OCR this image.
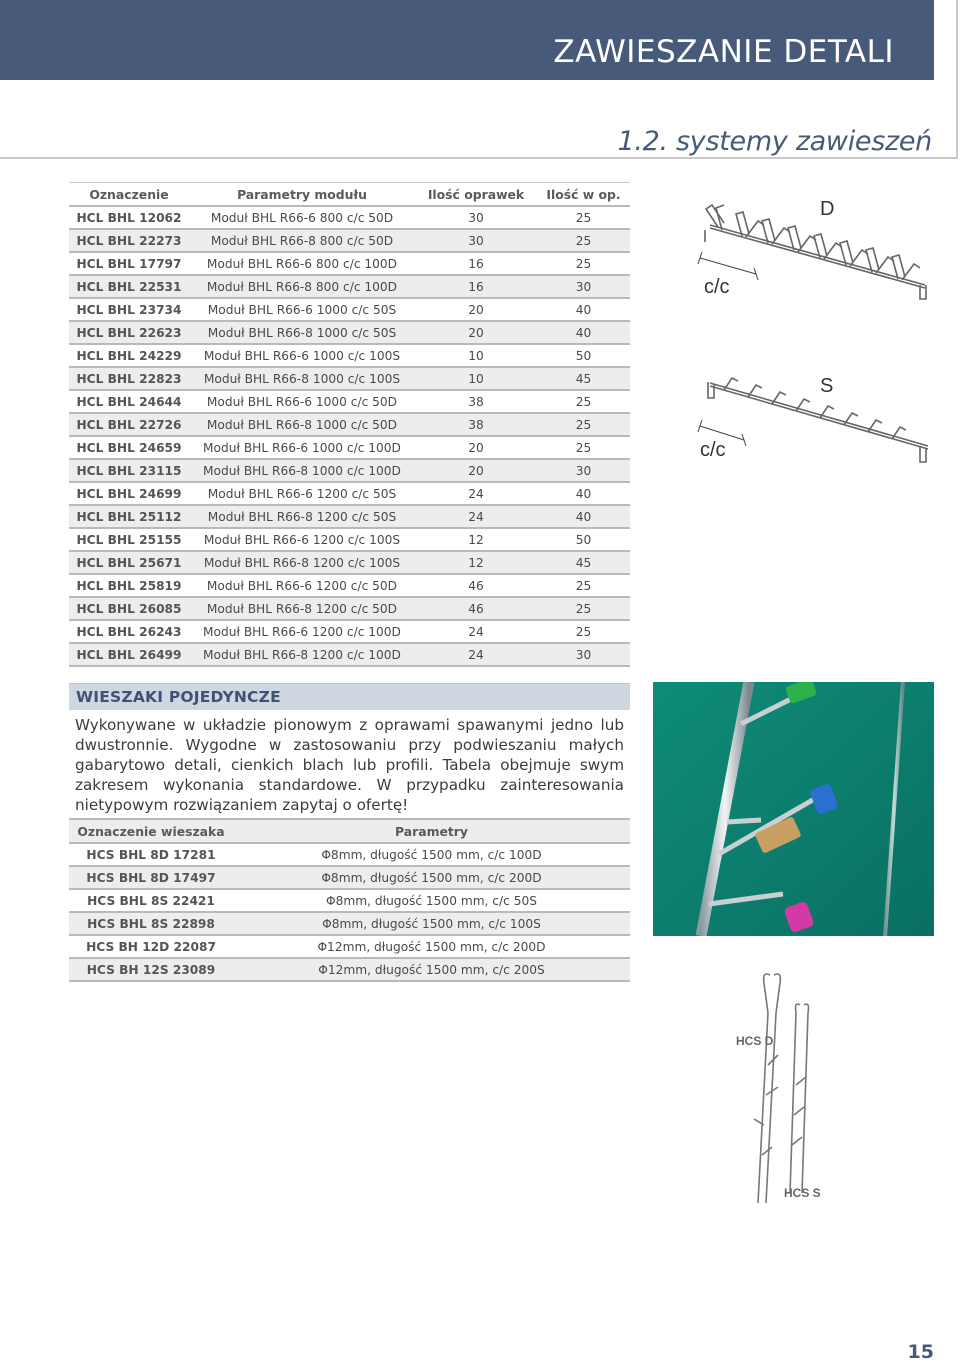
ZAWIESZANIE DETALI
1.2. systemy zawieszeń
Oznaczenie	Parametry modułu	Ilość oprawek	Ilość w op.
HCL BHL 12062	Moduł BHL R66-6 800 c/c 50D	30	25
HCL BHL 22273	Moduł BHL R66-8 800 c/c 50D	30	25
HCL BHL 17797	Moduł BHL R66-6 800 c/c 100D	16	25
HCL BHL 22531	Moduł BHL R66-8 800 c/c 100D	16	30
HCL BHL 23734	Moduł BHL R66-6 1000 c/c 50S	20	40
HCL BHL 22623	Moduł BHL R66-8 1000 c/c 50S	20	40
HCL BHL 24229	Moduł BHL R66-6 1000 c/c 100S	10	50
HCL BHL 22823	Moduł BHL R66-8 1000 c/c 100S	10	45
HCL BHL 24644	Moduł BHL R66-6 1000 c/c 50D	38	25
HCL BHL 22726	Moduł BHL R66-8 1000 c/c 50D	38	25
HCL BHL 24659	Moduł BHL R66-6 1000 c/c 100D	20	25
HCL BHL 23115	Moduł BHL R66-8 1000 c/c 100D	20	30
HCL BHL 24699	Moduł BHL R66-6 1200 c/c 50S	24	40
HCL BHL 25112	Moduł BHL R66-8 1200 c/c 50S	24	40
HCL BHL 25155	Moduł BHL R66-6 1200 c/c 100S	12	50
HCL BHL 25671	Moduł BHL R66-8 1200 c/c 100S	12	45
HCL BHL 25819	Moduł BHL R66-6 1200 c/c 50D	46	25
HCL BHL 26085	Moduł BHL R66-8 1200 c/c 50D	46	25
HCL BHL 26243	Moduł BHL R66-6 1200 c/c 100D	24	25
HCL BHL 26499	Moduł BHL R66-8 1200 c/c 100D	24	30
D
c/c
S
c/c
WIESZAKI POJEDYNCZE
Wykonywane w układzie pionowym z oprawami spawanymi jedno lub dwustronnie. Wygodne w zastosowaniu przy podwieszaniu małych gabarytowo detali, cienkich blach lub profili. Tabela obejmuje swym zakresem wykonania standardowe. W przypadku zainteresowania nietypowym rozwiązaniem zapytaj o ofertę!
Oznaczenie wieszaka	Parametry
HCS BHL 8D 17281	Φ8mm, długość 1500 mm, c/c 100D
HCS BHL 8D 17497	Φ8mm, długość 1500 mm, c/c 200D
HCS BHL 8S 22421	Φ8mm, długość 1500 mm, c/c 50S
HCS BHL 8S 22898	Φ8mm, długość 1500 mm, c/c 100S
HCS BH 12D 22087	Φ12mm, długość 1500 mm, c/c 200D
HCS BH 12S 23089	Φ12mm, długość 1500 mm, c/c 200S
HCS D
HCS S
15
